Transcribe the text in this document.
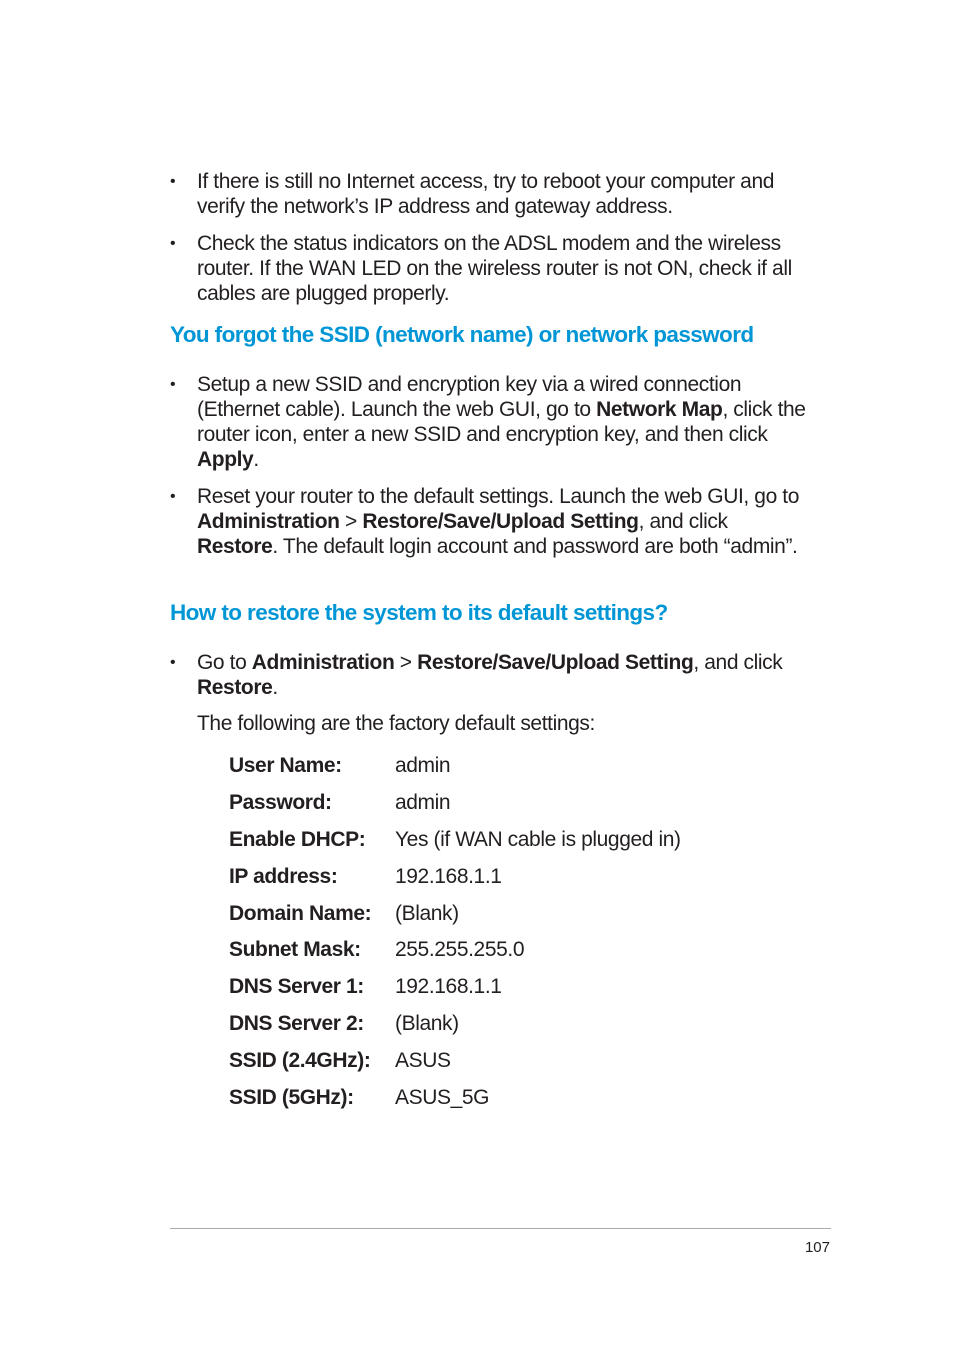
•	If there is still no Internet access, try to reboot your computer and verify the network’s IP address and gateway address.
•	Check the status indicators on the ADSL modem and the wireless router. If the WAN LED on the wireless router is not ON, check if all cables are plugged properly.
You forgot the SSID (network name) or network password
•	Setup a new SSID and encryption key via a wired connection (Ethernet cable). Launch the web GUI, go to Network Map, click the router icon, enter a new SSID and encryption key, and then click Apply.
•	Reset your router to the default settings. Launch the web GUI, go to Administration > Restore/Save/Upload Setting, and click Restore. The default login account and password are both “admin”.
How to restore the system to its default settings?
•	Go to Administration > Restore/Save/Upload Setting, and click Restore.
The following are the factory default settings:
User Name:	admin
Password:	admin
Enable DHCP:	Yes (if WAN cable is plugged in)
IP address:	192.168.1.1
Domain Name:	(Blank)
Subnet Mask:	255.255.255.0
DNS Server 1:	192.168.1.1
DNS Server 2:	(Blank)
SSID (2.4GHz):	ASUS
SSID (5GHz):	ASUS_5G
107
